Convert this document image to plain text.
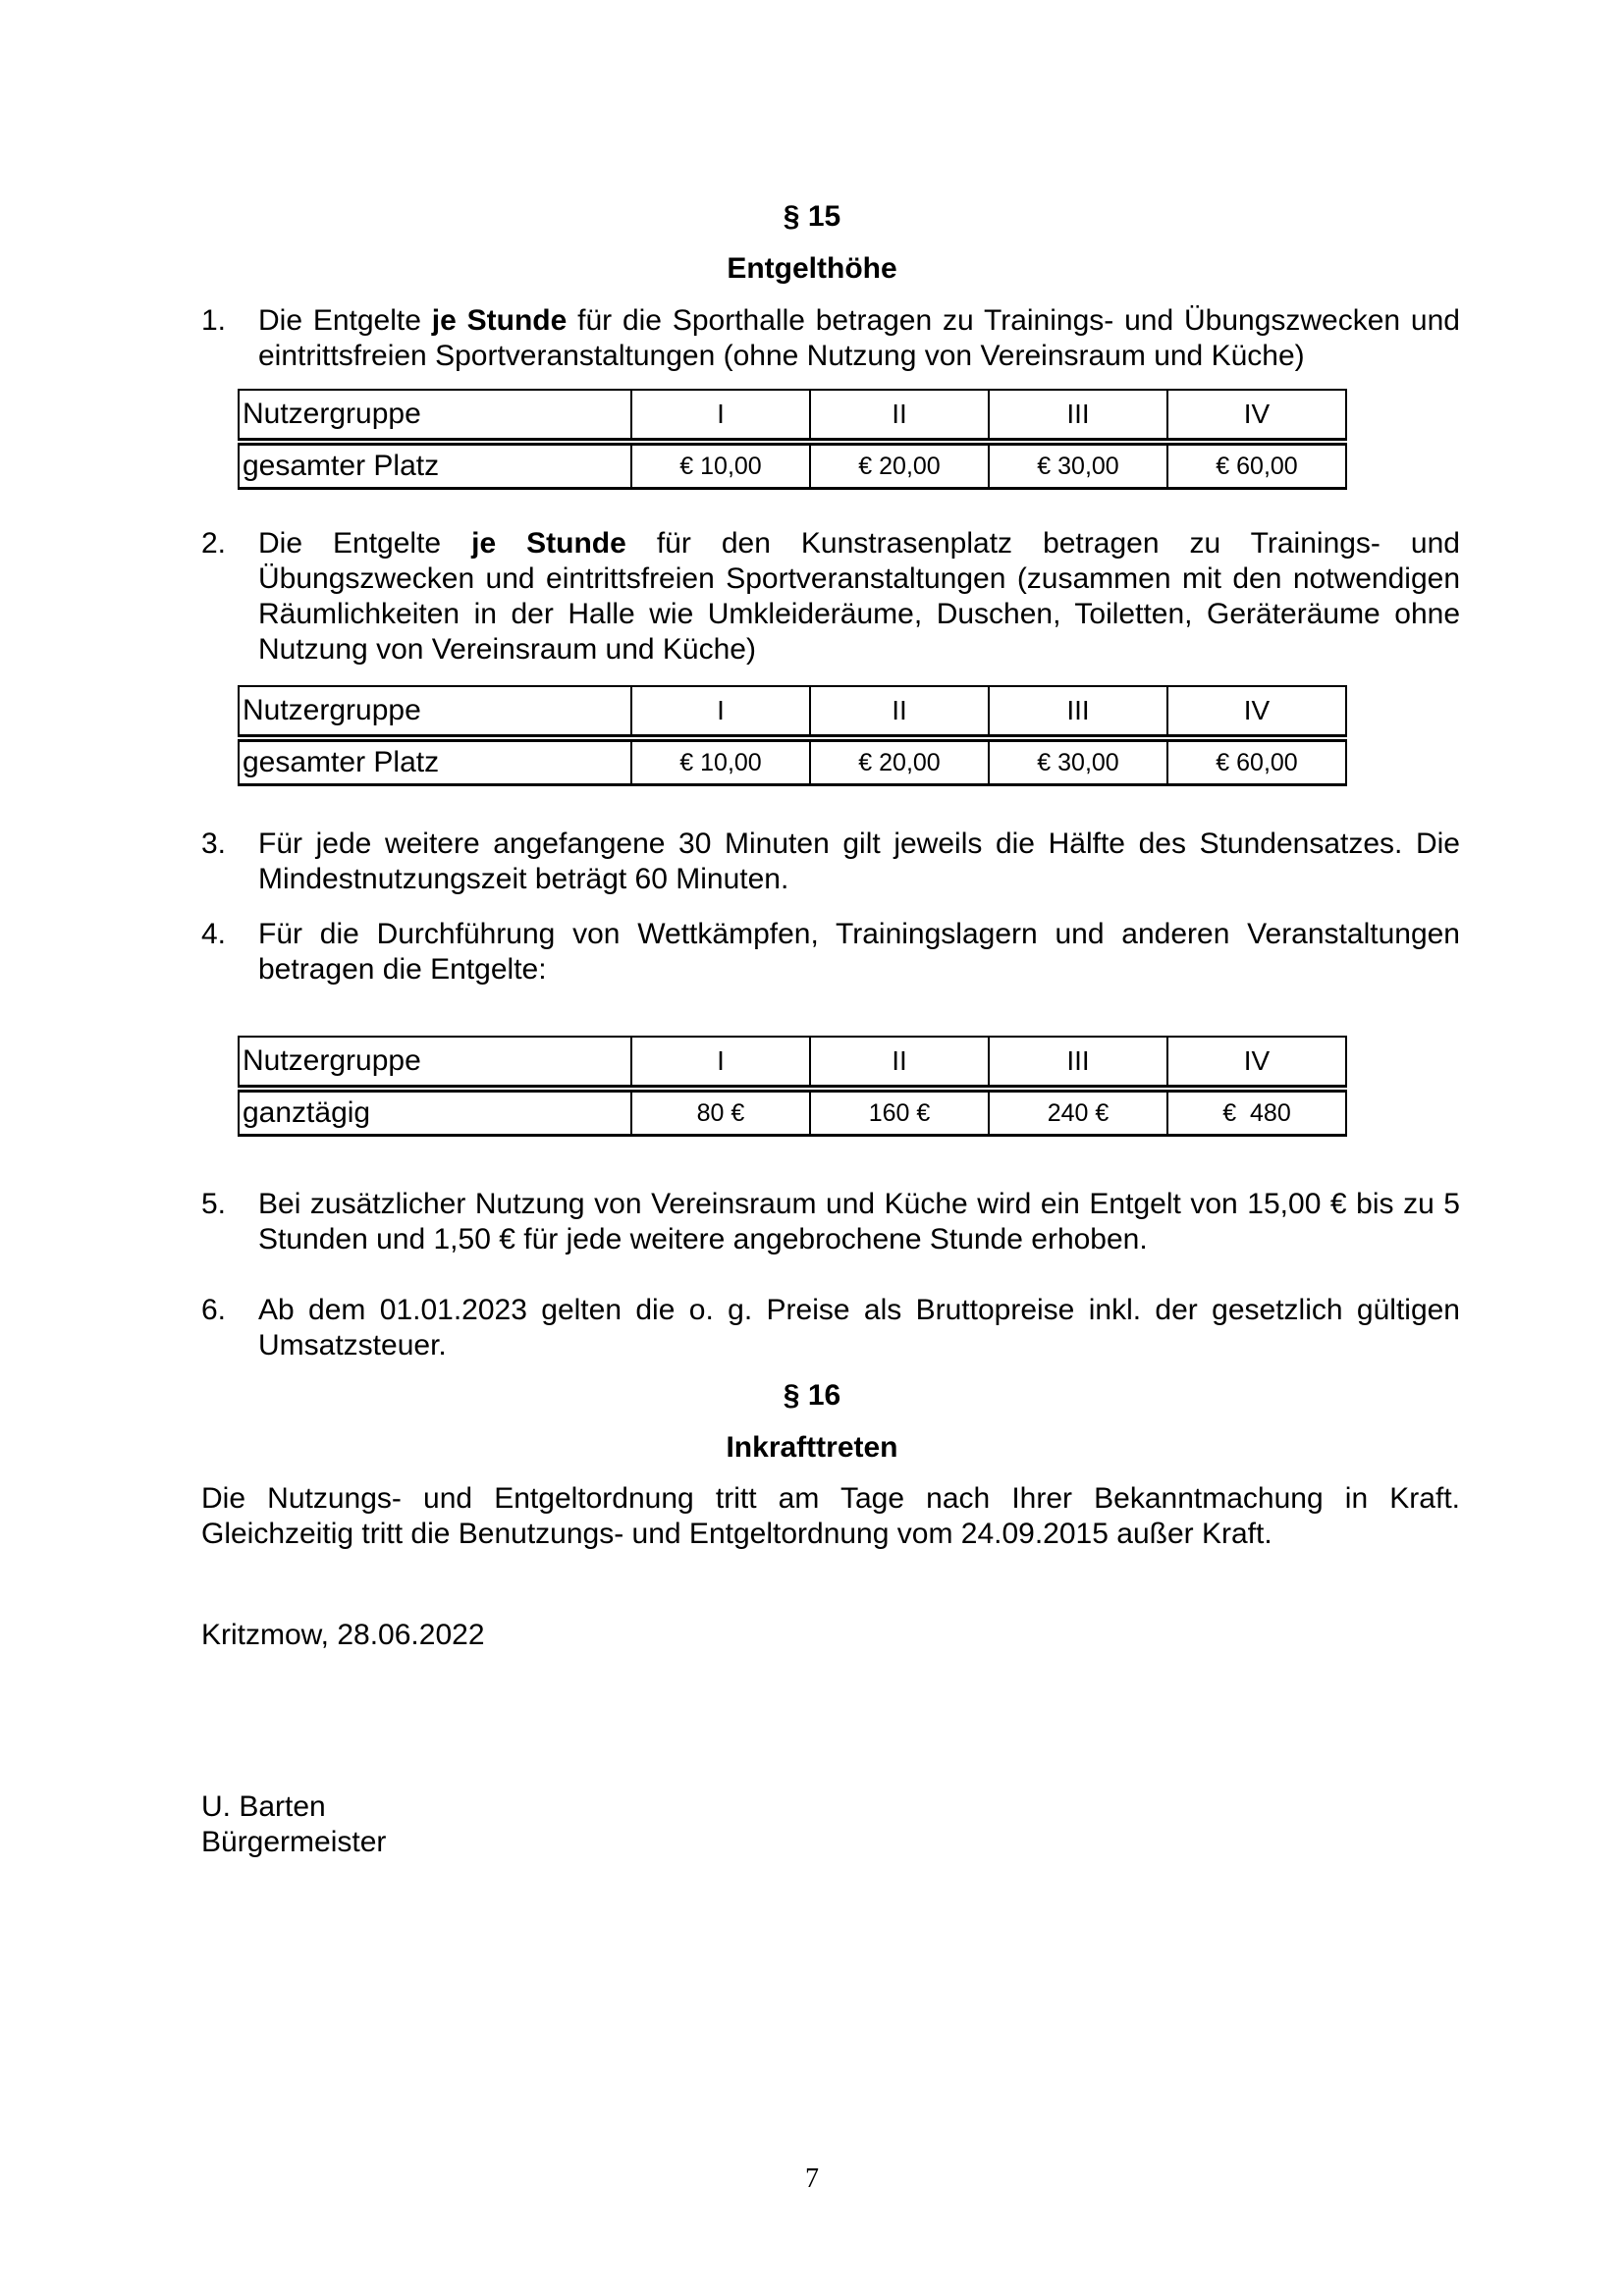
§ 15
Entgelthöhe
1.	Die Entgelte je Stunde für die Sporthalle betragen zu Trainings- und Übungszwecken und eintrittsfreien Sportveranstaltungen (ohne Nutzung von Vereinsraum und Küche)
Nutzergruppe	I	II	III	IV
gesamter Platz	€ 10,00	€ 20,00	€ 30,00	€ 60,00
2.	Die Entgelte je Stunde für den Kunstrasenplatz betragen zu Trainings- und Übungszwecken und eintrittsfreien Sportveranstaltungen (zusammen mit den notwendigen Räumlichkeiten in der Halle wie Umkleideräume, Duschen, Toiletten, Geräteräume ohne Nutzung von Vereinsraum und Küche)
Nutzergruppe	I	II	III	IV
gesamter Platz	€ 10,00	€ 20,00	€ 30,00	€ 60,00
3.	Für jede weitere angefangene 30 Minuten gilt jeweils die Hälfte des Stundensatzes. Die Mindestnutzungszeit beträgt 60 Minuten.
4.	Für die Durchführung von Wettkämpfen, Trainingslagern und anderen Veranstaltungen betragen die Entgelte:
Nutzergruppe	I	II	III	IV
ganztägig	80 €	160 €	240 €	€  480
5.	Bei zusätzlicher Nutzung von Vereinsraum und Küche wird ein Entgelt von 15,00 € bis zu 5 Stunden und 1,50 € für jede weitere angebrochene Stunde erhoben.
6.	Ab dem 01.01.2023 gelten die o. g. Preise als Bruttopreise inkl. der gesetzlich gültigen Umsatzsteuer.
§ 16
Inkrafttreten
Die Nutzungs- und Entgeltordnung tritt am Tage nach Ihrer Bekanntmachung in Kraft. Gleichzeitig tritt die Benutzungs- und Entgeltordnung vom 24.09.2015 außer Kraft.
Kritzmow, 28.06.2022
U. Barten
Bürgermeister
7
